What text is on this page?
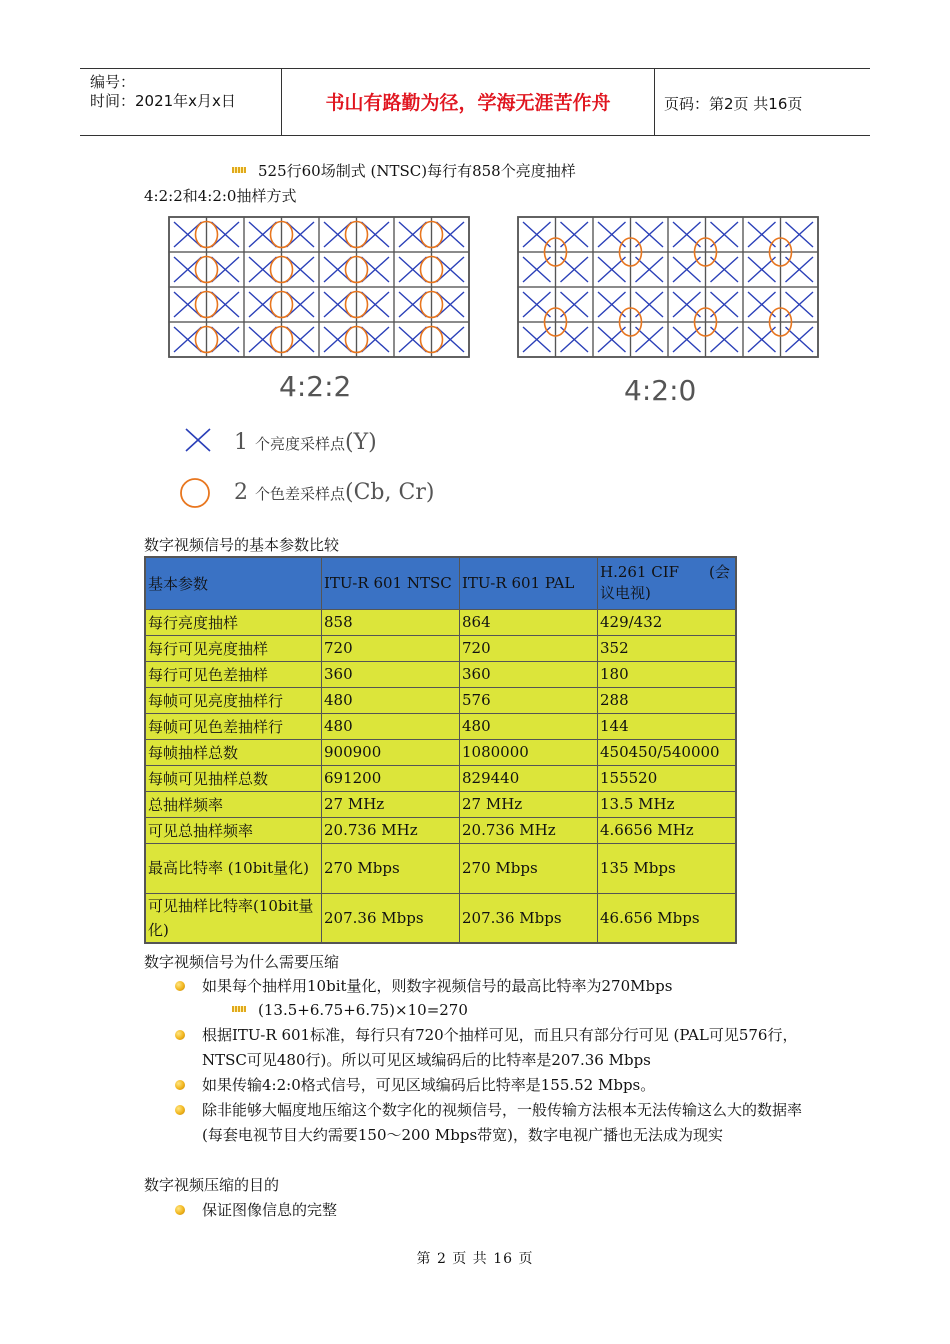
编号：
时间：2021年x月x日	书山有路勤为径，学海无涯苦作舟	页码：第2页 共16页
525行60场制式 (NTSC)每行有858个亮度抽样
4:2:2和4:2:0抽样方式
4:2:2	4:2:0
1 个亮度采样点(Y)
2 个色差采样点(Cb, Cr)
数字视频信号的基本参数比较
基本参数	ITU-R 601 NTSC	ITU-R 601 PAL	H.261 CIF　　(会议电视)
每行亮度抽样	858	864	429/432
每行可见亮度抽样	720	720	352
每行可见色差抽样	360	360	180
每帧可见亮度抽样行	480	576	288
每帧可见色差抽样行	480	480	144
每帧抽样总数	900900	1080000	450450/540000
每帧可见抽样总数	691200	829440	155520
总抽样频率	27 MHz	27 MHz	13.5 MHz
可见总抽样频率	20.736 MHz	20.736 MHz	4.6656 MHz
最高比特率 (10bit量化)	270 Mbps	270 Mbps	135 Mbps
可见抽样比特率(10bit量化)	207.36 Mbps	207.36 Mbps	46.656 Mbps
数字视频信号为什么需要压缩
如果每个抽样用10bit量化，则数字视频信号的最高比特率为270Mbps
(13.5+6.75+6.75)×10=270
根据ITU-R 601标准，每行只有720个抽样可见，而且只有部分行可见 (PAL可见576行，NTSC可见480行)。所以可见区域编码后的比特率是207.36 Mbps
如果传输4:2:0格式信号，可见区域编码后比特率是155.52 Mbps。
除非能够大幅度地压缩这个数字化的视频信号，一般传输方法根本无法传输这么大的数据率 (每套电视节目大约需要150～200 Mbps带宽)，数字电视广播也无法成为现实
数字视频压缩的目的
保证图像信息的完整
第 2 页 共 16 页
